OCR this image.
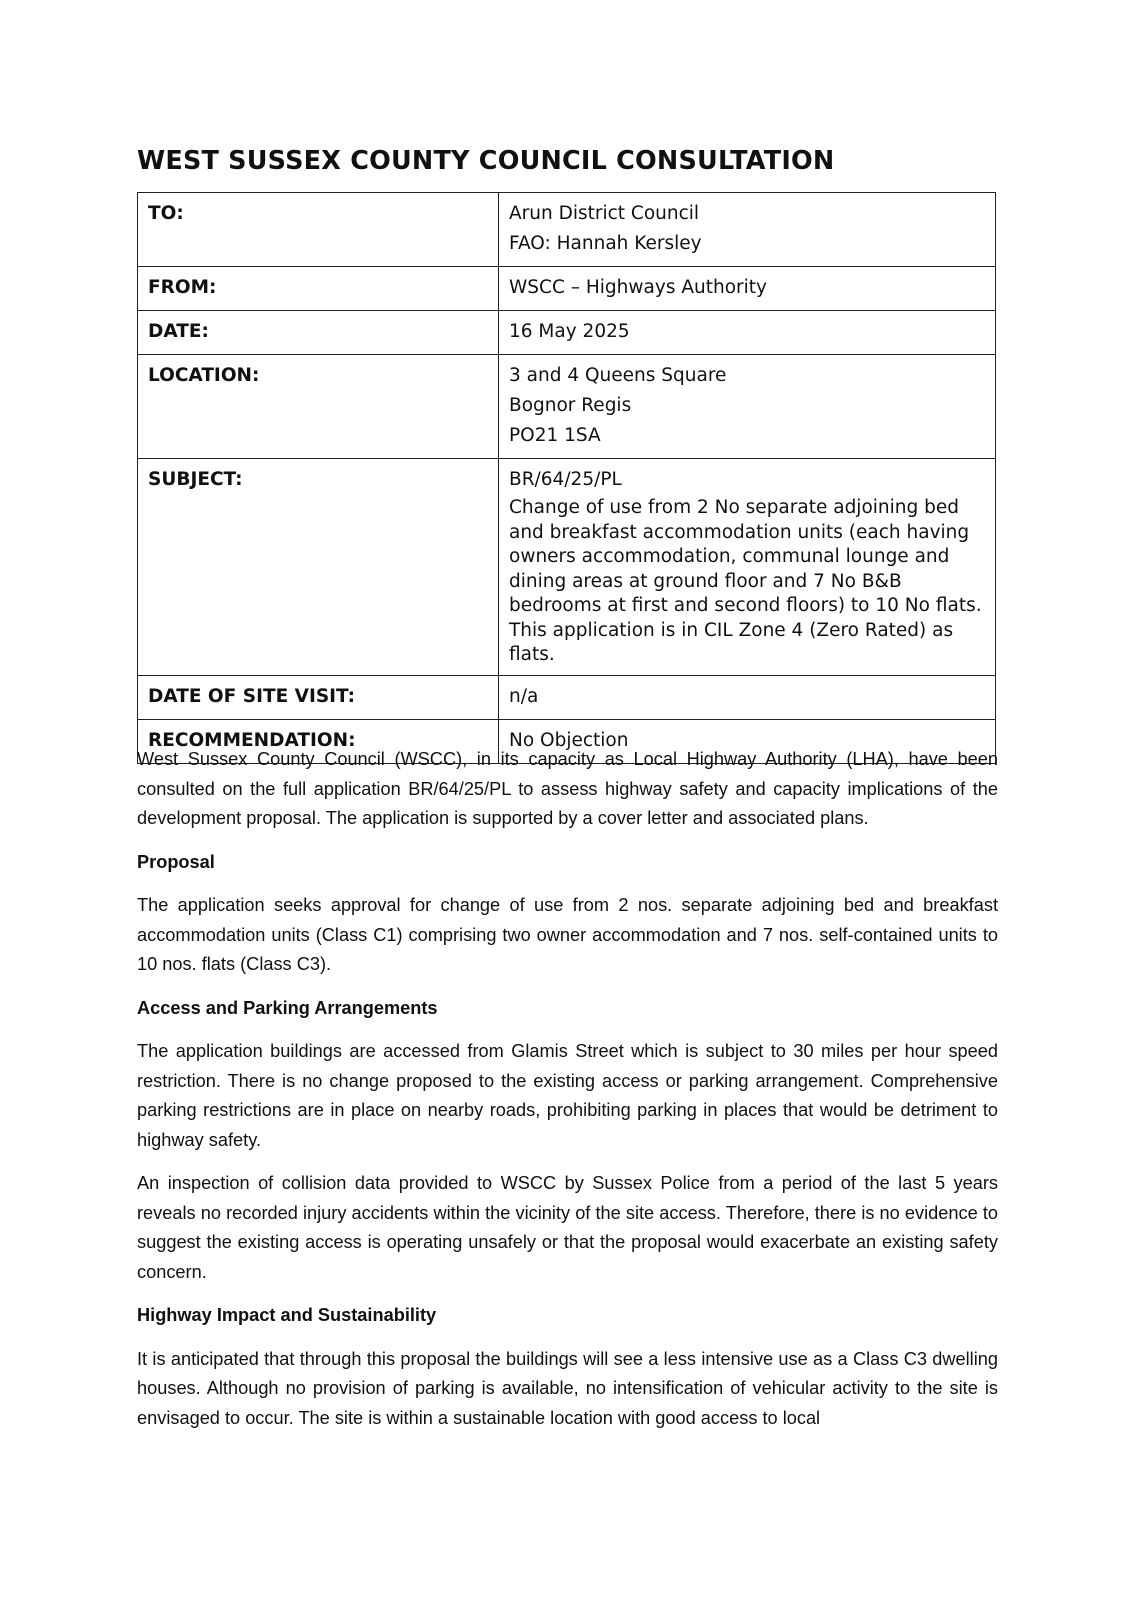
WEST SUSSEX COUNTY COUNCIL CONSULTATION
TO:	Arun District Council
FAO: Hannah Kersley

FROM:	WSCC – Highways Authority

DATE:	16 May 2025

LOCATION:	3 and 4 Queens Square
Bognor Regis
PO21 1SA

SUBJECT:	BR/64/25/PL
Change of use from 2 No separate adjoining bed and breakfast accommodation units (each having owners accommodation, communal lounge and dining areas at ground floor and 7 No B&B bedrooms at first and second floors) to 10 No flats. This application is in CIL Zone 4 (Zero Rated) as flats.

DATE OF SITE VISIT:	n/a

RECOMMENDATION:	No Objection

West Sussex County Council (WSCC), in its capacity as Local Highway Authority (LHA), have been consulted on the full application BR/64/25/PL to assess highway safety and capacity implications of the development proposal. The application is supported by a cover letter and associated plans.

Proposal

The application seeks approval for change of use from 2 nos. separate adjoining bed and breakfast accommodation units (Class C1) comprising two owner accommodation and 7 nos. self-contained units to 10 nos. flats (Class C3).

Access and Parking Arrangements

The application buildings are accessed from Glamis Street which is subject to 30 miles per hour speed restriction. There is no change proposed to the existing access or parking arrangement. Comprehensive parking restrictions are in place on nearby roads, prohibiting parking in places that would be detriment to highway safety.

An inspection of collision data provided to WSCC by Sussex Police from a period of the last 5 years reveals no recorded injury accidents within the vicinity of the site access. Therefore, there is no evidence to suggest the existing access is operating unsafely or that the proposal would exacerbate an existing safety concern.

Highway Impact and Sustainability

It is anticipated that through this proposal the buildings will see a less intensive use as a Class C3 dwelling houses. Although no provision of parking is available, no intensification of vehicular activity to the site is envisaged to occur. The site is within a sustainable location with good access to local
